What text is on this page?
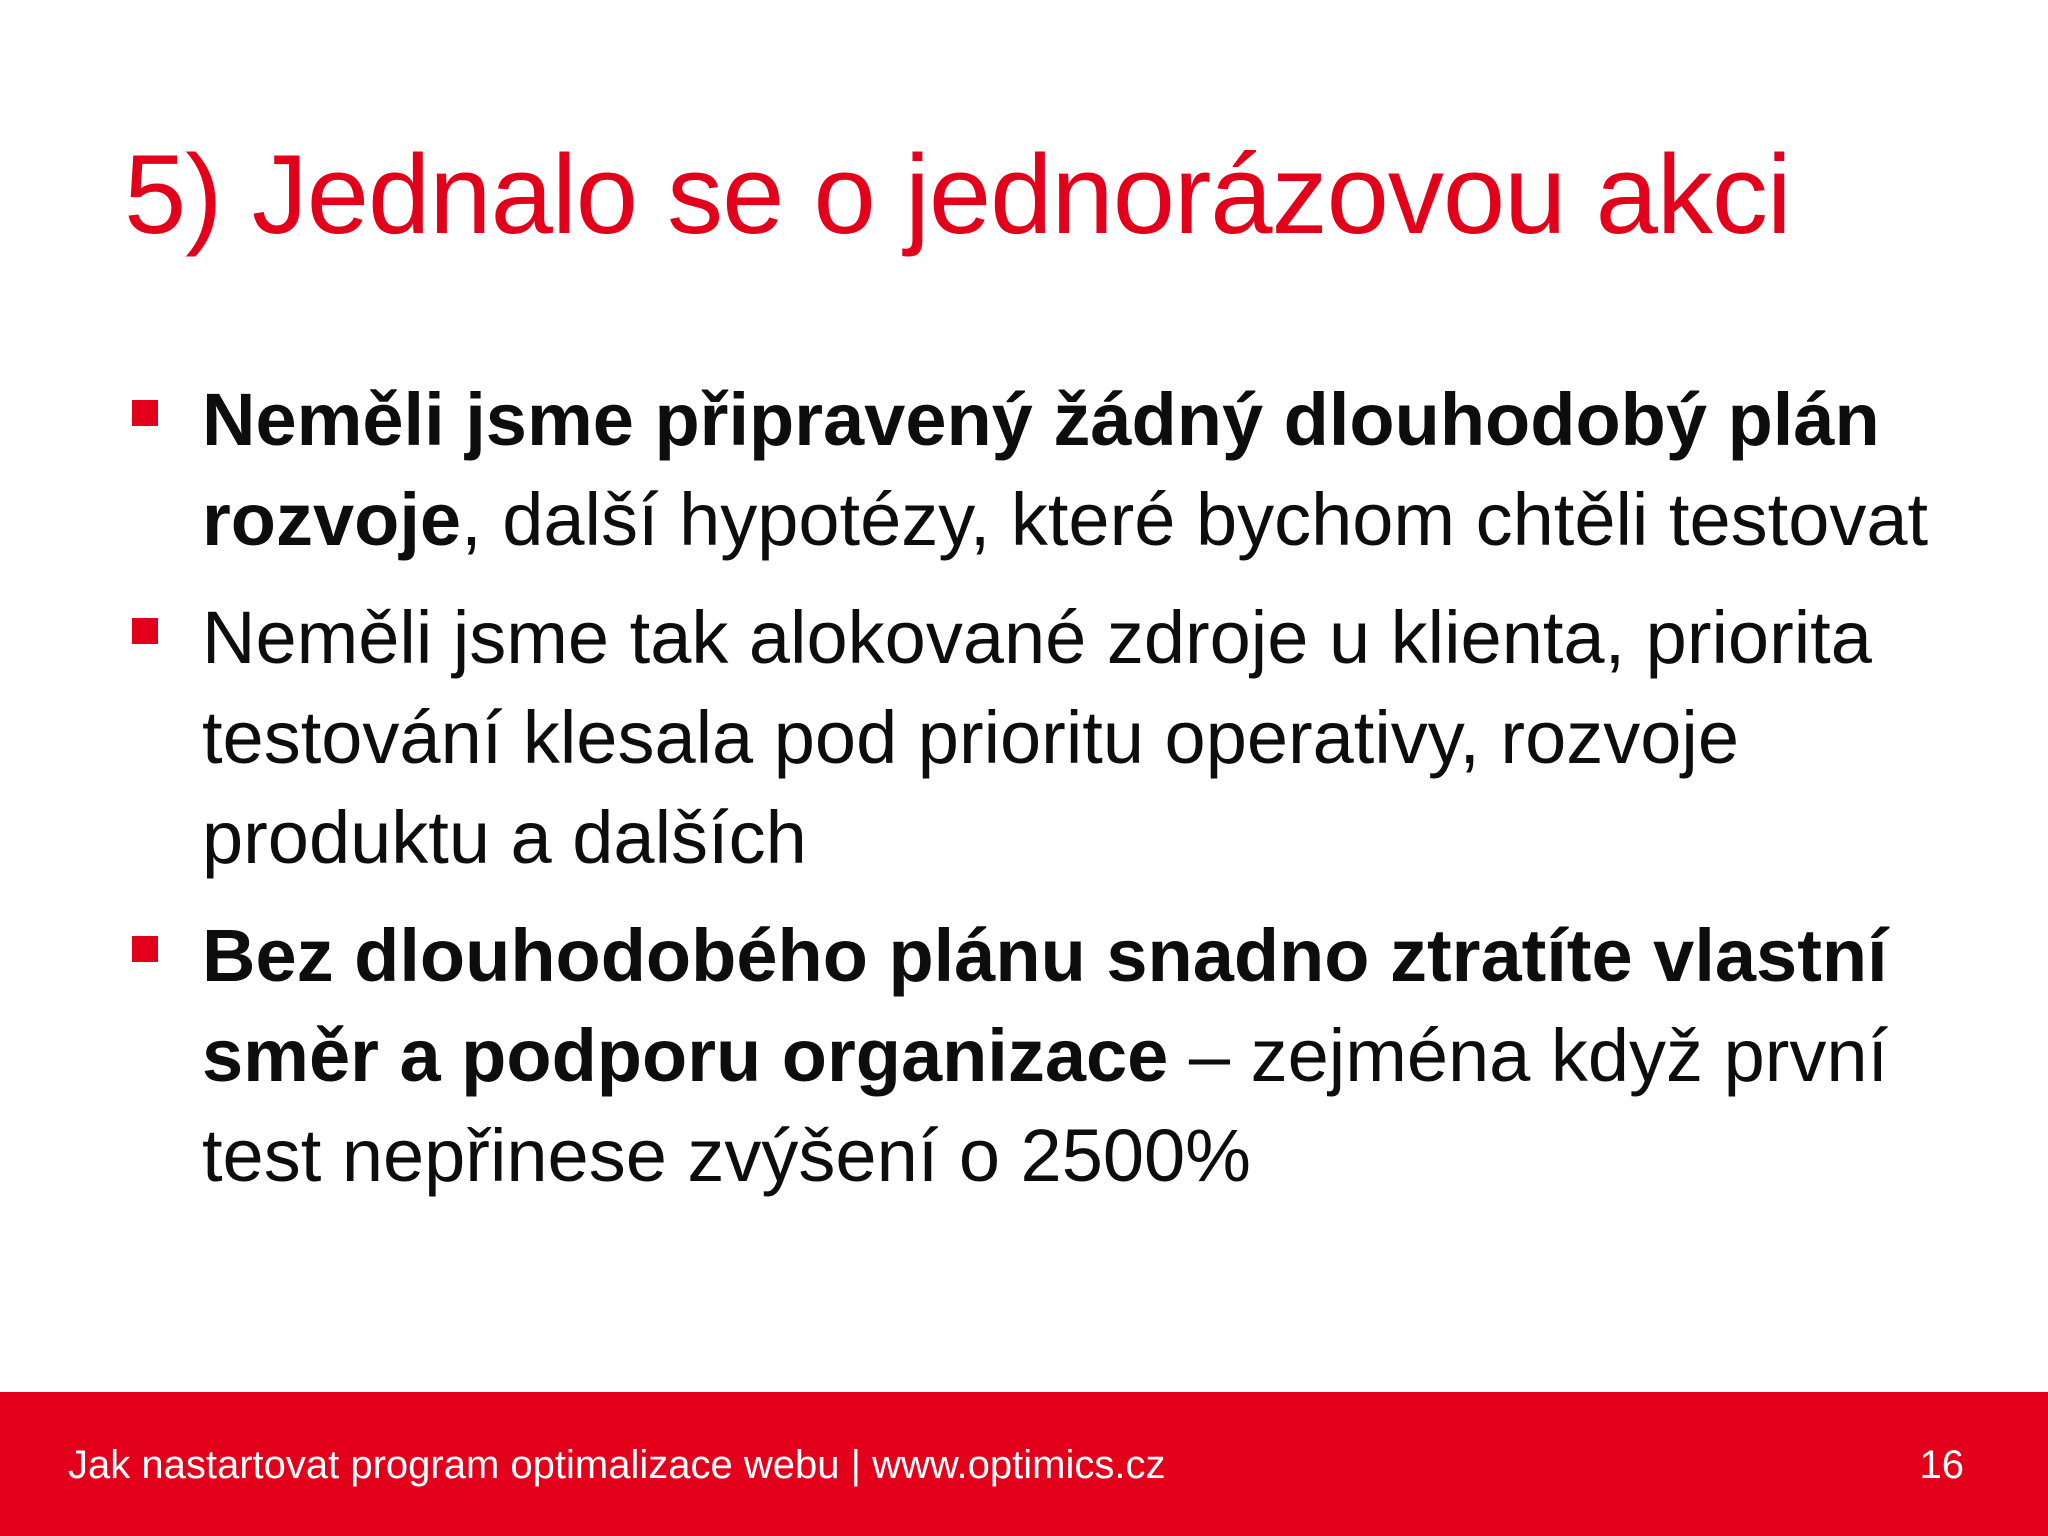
5) Jednalo se o jednorázovou akci
Neměli jsme připravený žádný dlouhodobý plán rozvoje, další hypotézy, které bychom chtěli testovat
Neměli jsme tak alokované zdroje u klienta, priorita testování klesala pod prioritu operativy, rozvoje produktu a dalších
Bez dlouhodobého plánu snadno ztratíte vlastní směr a podporu organizace – zejména když první test nepřinese zvýšení o 2500%
Jak nastartovat program optimalizace webu | www.optimics.cz	16
